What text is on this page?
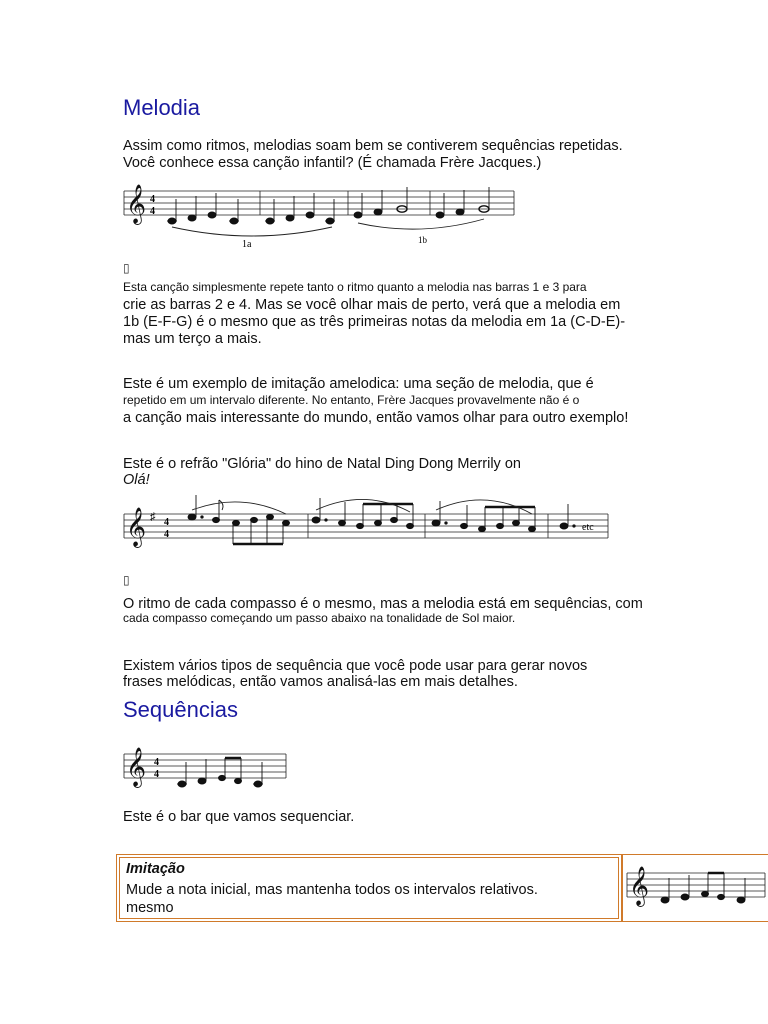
Melodia
Assim como ritmos, melodias soam bem se contiverem sequências repetidas.
Você conhece essa canção infantil? (É chamada Frère Jacques.)
𝄞 4
4
1a	1b
▯
Esta canção simplesmente repete tanto o ritmo quanto a melodia nas barras 1 e 3 para
crie as barras 2 e 4. Mas se você olhar mais de perto, verá que a melodia em
1b (E-F-G) é o mesmo que as três primeiras notas da melodia em 1a (C-D-E)-
mas um terço a mais.
Este é um exemplo de imitação amelodica: uma seção de melodia, que é
repetido em um intervalo diferente. No entanto, Frère Jacques provavelmente não é o
a canção mais interessante do mundo, então vamos olhar para outro exemplo!
Este é o refrão "Glória" do hino de Natal Ding Dong Merrily on
Olá!
𝄞 ♯ 4
4
etc
▯
O ritmo de cada compasso é o mesmo, mas a melodia está em sequências, com
cada compasso começando um passo abaixo na tonalidade de Sol maior.
Existem vários tipos de sequência que você pode usar para gerar novos
frases melódicas, então vamos analisá-las em mais detalhes.
Sequências
𝄞 4
4
Este é o bar que vamos sequenciar.
Imitação
Mude a nota inicial, mas mantenha todos os intervalos relativos.
mesmo
𝄞
